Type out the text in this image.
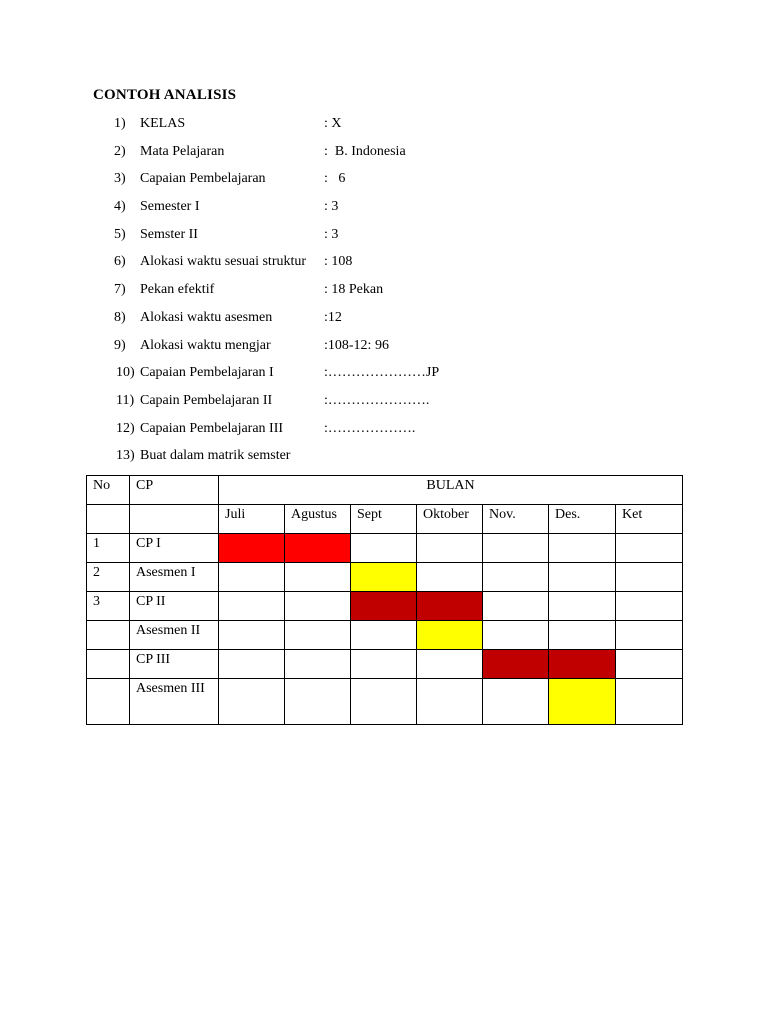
CONTOH ANALISIS
1) KELAS	: X
2) Mata Pelajaran	:  B. Indonesia
3) Capaian Pembelajaran	:   6
4) Semester I	: 3
5) Semster II	: 3
6) Alokasi waktu sesuai struktur : 108
7) Pekan efektif	: 18 Pekan
8) Alokasi waktu asesmen	:12
9) Alokasi waktu mengjar	:108-12: 96
10) Capaian Pembelajaran I	:…………………JP
11) Capain Pembelajaran II	:………………….
12) Capaian Pembelajaran III	:……………….
13) Buat dalam matrik semster
No	CP	BULAN						
		Juli	Agustus	Sept	Oktober	Nov.	Des.	Ket
1	CP I							
2	Asesmen I							
3	CP II							
	Asesmen II							
	CP III							
	Asesmen III							
